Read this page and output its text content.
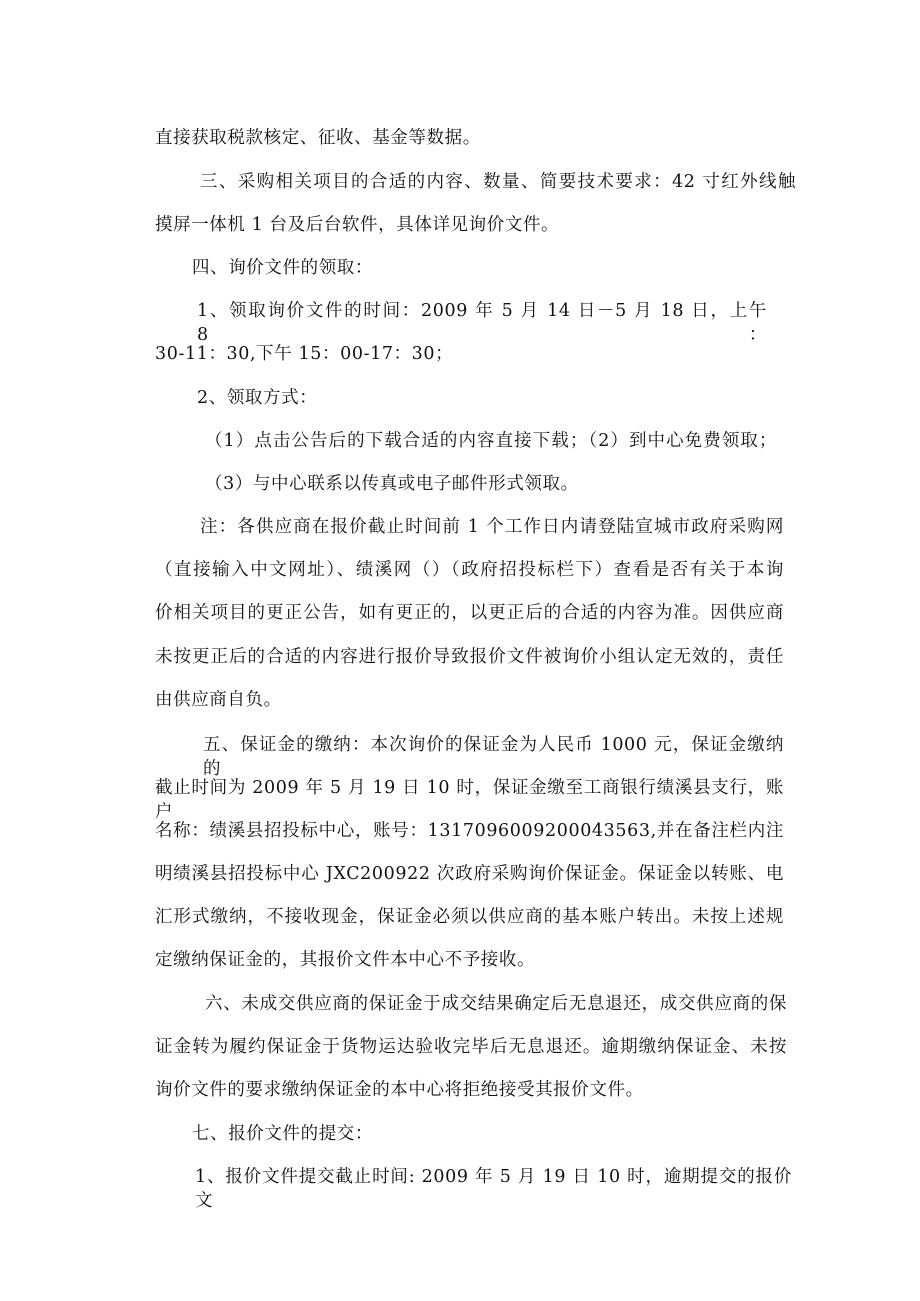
直接获取税款核定、征收、基金等数据。
三、采购相关项目的合适的内容、数量、简要技术要求：42 寸红外线触
摸屏一体机 1 台及后台软件，具体详见询价文件。
四、询价文件的领取：
1、领取询价文件的时间：2009 年 5 月 14 日－5 月 18 日，上午 8：
30-11：30,下午 15：00-17：30；
2、领取方式：
（1）点击公告后的下载合适的内容直接下载；（2）到中心免费领取；
（3）与中心联系以传真或电子邮件形式领取。
注：各供应商在报价截止时间前 1 个工作日内请登陆宣城市政府采购网
（直接输入中文网址）、绩溪网（）（政府招投标栏下）查看是否有关于本询
价相关项目的更正公告，如有更正的，以更正后的合适的内容为准。因供应商
未按更正后的合适的内容进行报价导致报价文件被询价小组认定无效的，责任
由供应商自负。
五、保证金的缴纳：本次询价的保证金为人民币 1000 元，保证金缴纳的
截止时间为 2009 年 5 月 19 日 10 时，保证金缴至工商银行绩溪县支行，账户
名称：绩溪县招投标中心，账号：1317096009200043563,并在备注栏内注
明绩溪县招投标中心 JXC200922 次政府采购询价保证金。保证金以转账、电
汇形式缴纳，不接收现金，保证金必须以供应商的基本账户转出。未按上述规
定缴纳保证金的，其报价文件本中心不予接收。
六、未成交供应商的保证金于成交结果确定后无息退还，成交供应商的保
证金转为履约保证金于货物运达验收完毕后无息退还。逾期缴纳保证金、未按
询价文件的要求缴纳保证金的本中心将拒绝接受其报价文件。
七、报价文件的提交：
1、报价文件提交截止时间: 2009 年 5 月 19 日 10 时，逾期提交的报价文
